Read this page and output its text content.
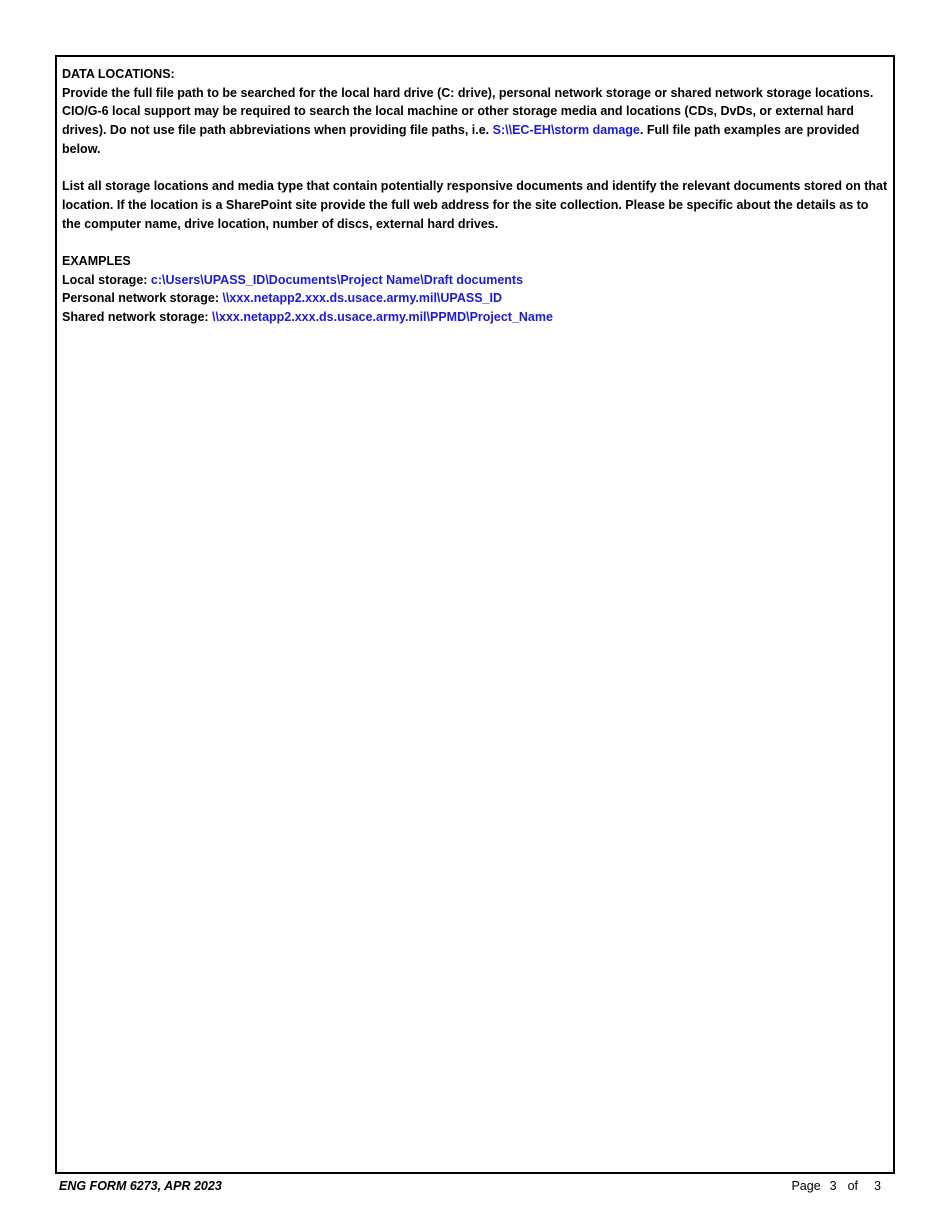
DATA LOCATIONS:

Provide the full file path to be searched for the local hard drive (C: drive), personal network storage or shared network storage locations. CIO/G-6 local support may be required to search the local machine or other storage media and locations (CDs, DvDs, or external hard drives). Do not use file path abbreviations when providing file paths, i.e. S:\\EC-EH\storm damage. Full file path examples are provided below.

List all storage locations and media type that contain potentially responsive documents and identify the relevant documents stored on that location. If the location is a SharePoint site provide the full web address for the site collection. Please be specific about the details as to the computer name, drive location, number of discs, external hard drives.

EXAMPLES

Local storage: c:\Users\UPASS_ID\Documents\Project Name\Draft documents

Personal network storage: \\xxx.netapp2.xxx.ds.usace.army.mil\UPASS_ID

Shared network storage: \\xxx.netapp2.xxx.ds.usace.army.mil\PPMD\Project_Name

ENG FORM 6273, APR 2023	Page 3 of 3
